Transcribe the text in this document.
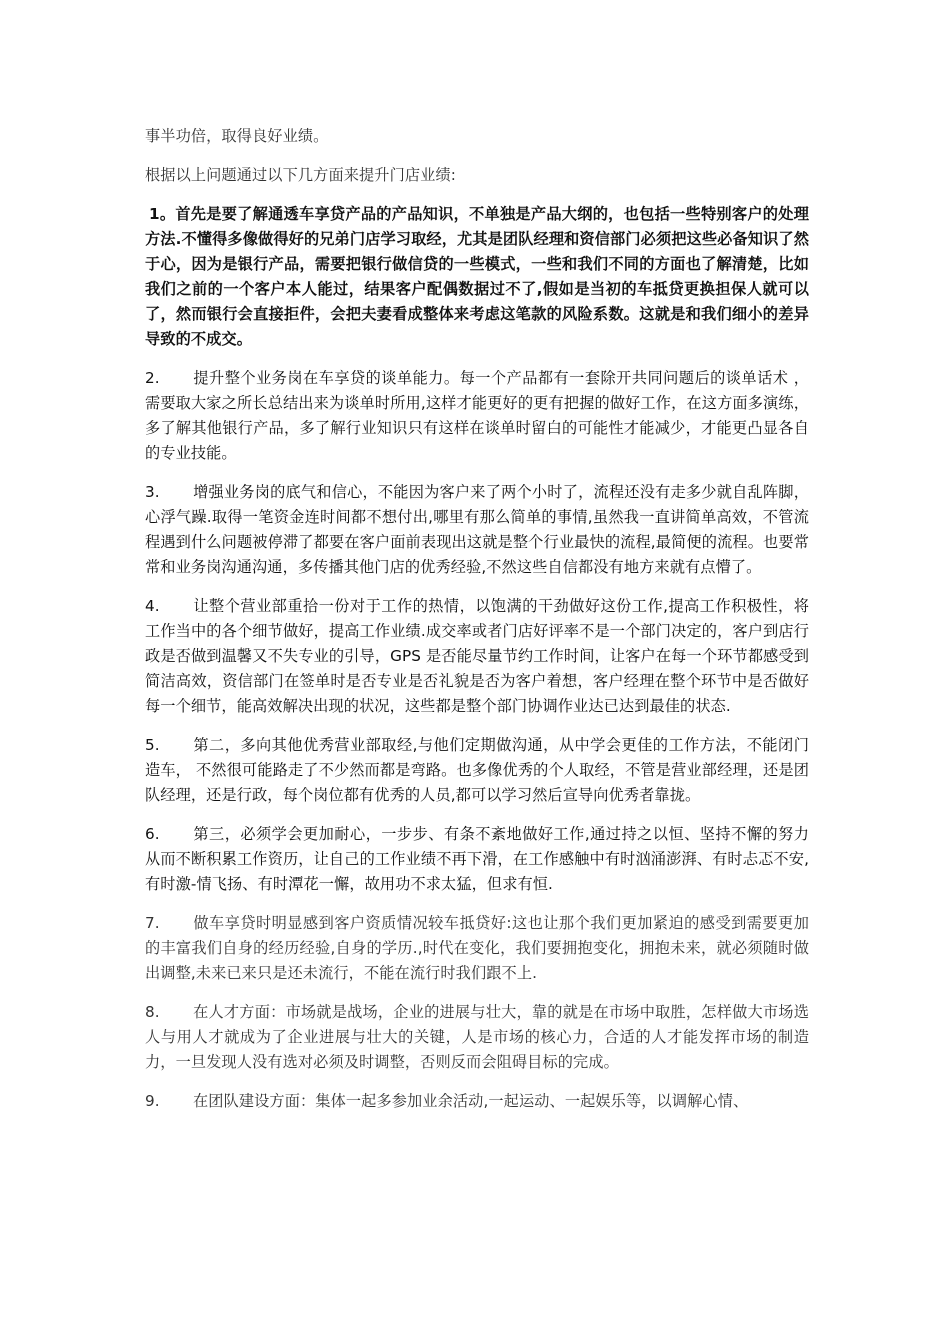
事半功倍，取得良好业绩。

根据以上问题通过以下几方面来提升门店业绩:

1。首先是要了解通透车享贷产品的产品知识，不单独是产品大纲的，也包括一些特别客户的处理方法.不懂得多像做得好的兄弟门店学习取经，尤其是团队经理和资信部门必须把这些必备知识了然于心，因为是银行产品，需要把银行做信贷的一些模式，一些和我们不同的方面也了解清楚，比如我们之前的一个客户本人能过，结果客户配偶数据过不了,假如是当初的车抵贷更换担保人就可以了，然而银行会直接拒件，会把夫妻看成整体来考虑这笔款的风险系数。这就是和我们细小的差异导致的不成交。

2. 提升整个业务岗在车享贷的谈单能力。每一个产品都有一套除开共同问题后的谈单话术 ，需要取大家之所长总结出来为谈单时所用,这样才能更好的更有把握的做好工作，在这方面多演练，多了解其他银行产品，多了解行业知识只有这样在谈单时留白的可能性才能减少，才能更凸显各自的专业技能。

3. 增强业务岗的底气和信心，不能因为客户来了两个小时了，流程还没有走多少就自乱阵脚，心浮气躁.取得一笔资金连时间都不想付出,哪里有那么简单的事情,虽然我一直讲简单高效，不管流程遇到什么问题被停滞了都要在客户面前表现出这就是整个行业最快的流程,最简便的流程。也要常常和业务岗沟通沟通，多传播其他门店的优秀经验,不然这些自信都没有地方来就有点懵了。

4. 让整个营业部重拾一份对于工作的热情，以饱满的干劲做好这份工作,提高工作积极性，将工作当中的各个细节做好，提高工作业绩.成交率或者门店好评率不是一个部门决定的，客户到店行政是否做到温馨又不失专业的引导，GPS 是否能尽量节约工作时间，让客户在每一个环节都感受到简洁高效，资信部门在签单时是否专业是否礼貌是否为客户着想，客户经理在整个环节中是否做好每一个细节，能高效解决出现的状况，这些都是整个部门协调作业达已达到最佳的状态.

5. 第二，多向其他优秀营业部取经,与他们定期做沟通，从中学会更佳的工作方法，不能闭门造车， 不然很可能路走了不少然而都是弯路。也多像优秀的个人取经，不管是营业部经理，还是团队经理，还是行政，每个岗位都有优秀的人员,都可以学习然后宣导向优秀者靠拢。

6. 第三，必须学会更加耐心，一步步、有条不紊地做好工作,通过持之以恒、坚持不懈的努力从而不断积累工作资历，让自己的工作业绩不再下滑，在工作感触中有时汹涌澎湃、有时忐忑不安,有时激-情飞扬、有时潭花一懈，故用功不求太猛，但求有恒.

7. 做车享贷时明显感到客户资质情况较车抵贷好:这也让那个我们更加紧迫的感受到需要更加的丰富我们自身的经历经验,自身的学历.,时代在变化，我们要拥抱变化，拥抱未来，就必须随时做出调整,未来已来只是还未流行，不能在流行时我们跟不上.

8. 在人才方面：市场就是战场，企业的进展与壮大，靠的就是在市场中取胜，怎样做大市场选人与用人才就成为了企业进展与壮大的关键，人是市场的核心力，合适的人才能发挥市场的制造力，一旦发现人没有选对必须及时调整，否则反而会阻碍目标的完成。

9. 在团队建设方面：集体一起多参加业余活动,一起运动、一起娱乐等，以调解心情、
